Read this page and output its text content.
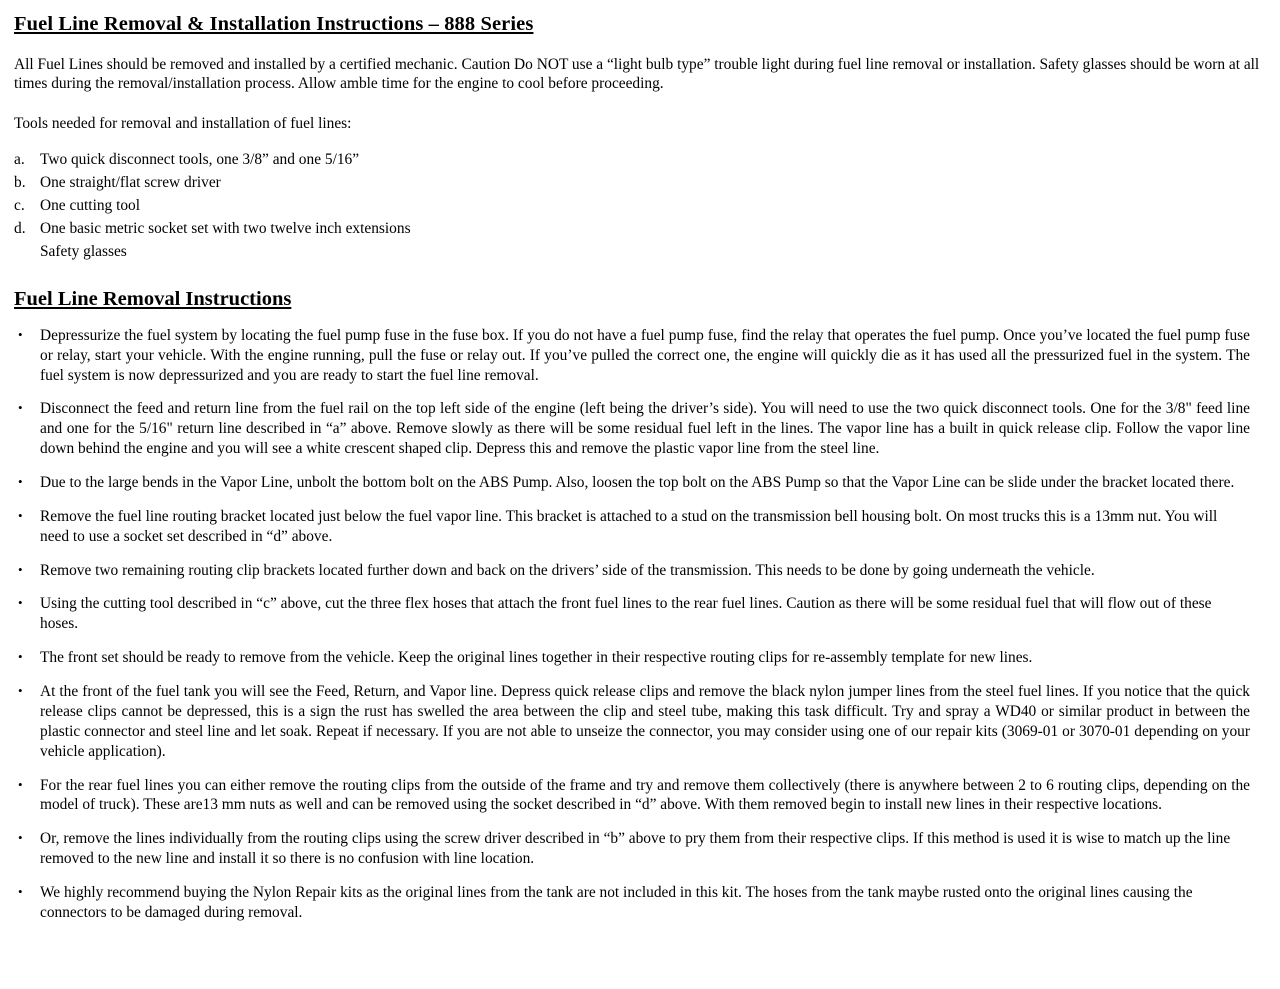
Fuel Line Removal & Installation Instructions – 888 Series

All Fuel Lines should be removed and installed by a certified mechanic. Caution Do NOT use a “light bulb type” trouble light during fuel line removal or installation. Safety glasses should be worn at all times during the removal/installation process. Allow amble time for the engine to cool before proceeding.

Tools needed for removal and installation of fuel lines:

a. Two quick disconnect tools, one 3/8” and one 5/16”
b. One straight/flat screw driver
c. One cutting tool
d. One basic metric socket set with two twelve inch extensions
Safety glasses
Fuel Line Removal Instructions
•	Depressurize the fuel system by locating the fuel pump fuse in the fuse box. If you do not have a fuel pump fuse, find the relay that operates the fuel pump. Once you’ve located the fuel pump fuse or relay, start your vehicle. With the engine running, pull the fuse or relay out. If you’ve pulled the correct one, the engine will quickly die as it has used all the pressurized fuel in the system. The fuel system is now depressurized and you are ready to start the fuel line removal.
•	Disconnect the feed and return line from the fuel rail on the top left side of the engine (left being the driver’s side). You will need to use the two quick disconnect tools. One for the 3/8" feed line and one for the 5/16" return line described in “a” above. Remove slowly as there will be some residual fuel left in the lines. The vapor line has a built in quick release clip. Follow the vapor line down behind the engine and you will see a white crescent shaped clip. Depress this and remove the plastic vapor line from the steel line.
•	Due to the large bends in the Vapor Line, unbolt the bottom bolt on the ABS Pump. Also, loosen the top bolt on the ABS Pump so that the Vapor Line can be slide under the bracket located there.
•	Remove the fuel line routing bracket located just below the fuel vapor line. This bracket is attached to a stud on the transmission bell housing bolt. On most trucks this is a 13mm nut. You will need to use a socket set described in “d” above.
•	Remove two remaining routing clip brackets located further down and back on the drivers’ side of the transmission. This needs to be done by going underneath the vehicle.
•	Using the cutting tool described in “c” above, cut the three flex hoses that attach the front fuel lines to the rear fuel lines. Caution as there will be some residual fuel that will flow out of these hoses.
•	The front set should be ready to remove from the vehicle. Keep the original lines together in their respective routing clips for re-assembly template for new lines.
•	At the front of the fuel tank you will see the Feed, Return, and Vapor line. Depress quick release clips and remove the black nylon jumper lines from the steel fuel lines. If you notice that the quick release clips cannot be depressed, this is a sign the rust has swelled the area between the clip and steel tube, making this task difficult. Try and spray a WD40 or similar product in between the plastic connector and steel line and let soak. Repeat if necessary. If you are not able to unseize the connector, you may consider using one of our repair kits (3069-01 or 3070-01 depending on your vehicle application).
•	For the rear fuel lines you can either remove the routing clips from the outside of the frame and try and remove them collectively (there is anywhere between 2 to 6 routing clips, depending on the model of truck). These are13 mm nuts as well and can be removed using the socket described in “d” above. With them removed begin to install new lines in their respective locations.
•	Or, remove the lines individually from the routing clips using the screw driver described in “b” above to pry them from their respective clips. If this method is used it is wise to match up the line removed to the new line and install it so there is no confusion with line location.
•	We highly recommend buying the Nylon Repair kits as the original lines from the tank are not included in this kit. The hoses from the tank maybe rusted onto the original lines causing the connectors to be damaged during removal.
